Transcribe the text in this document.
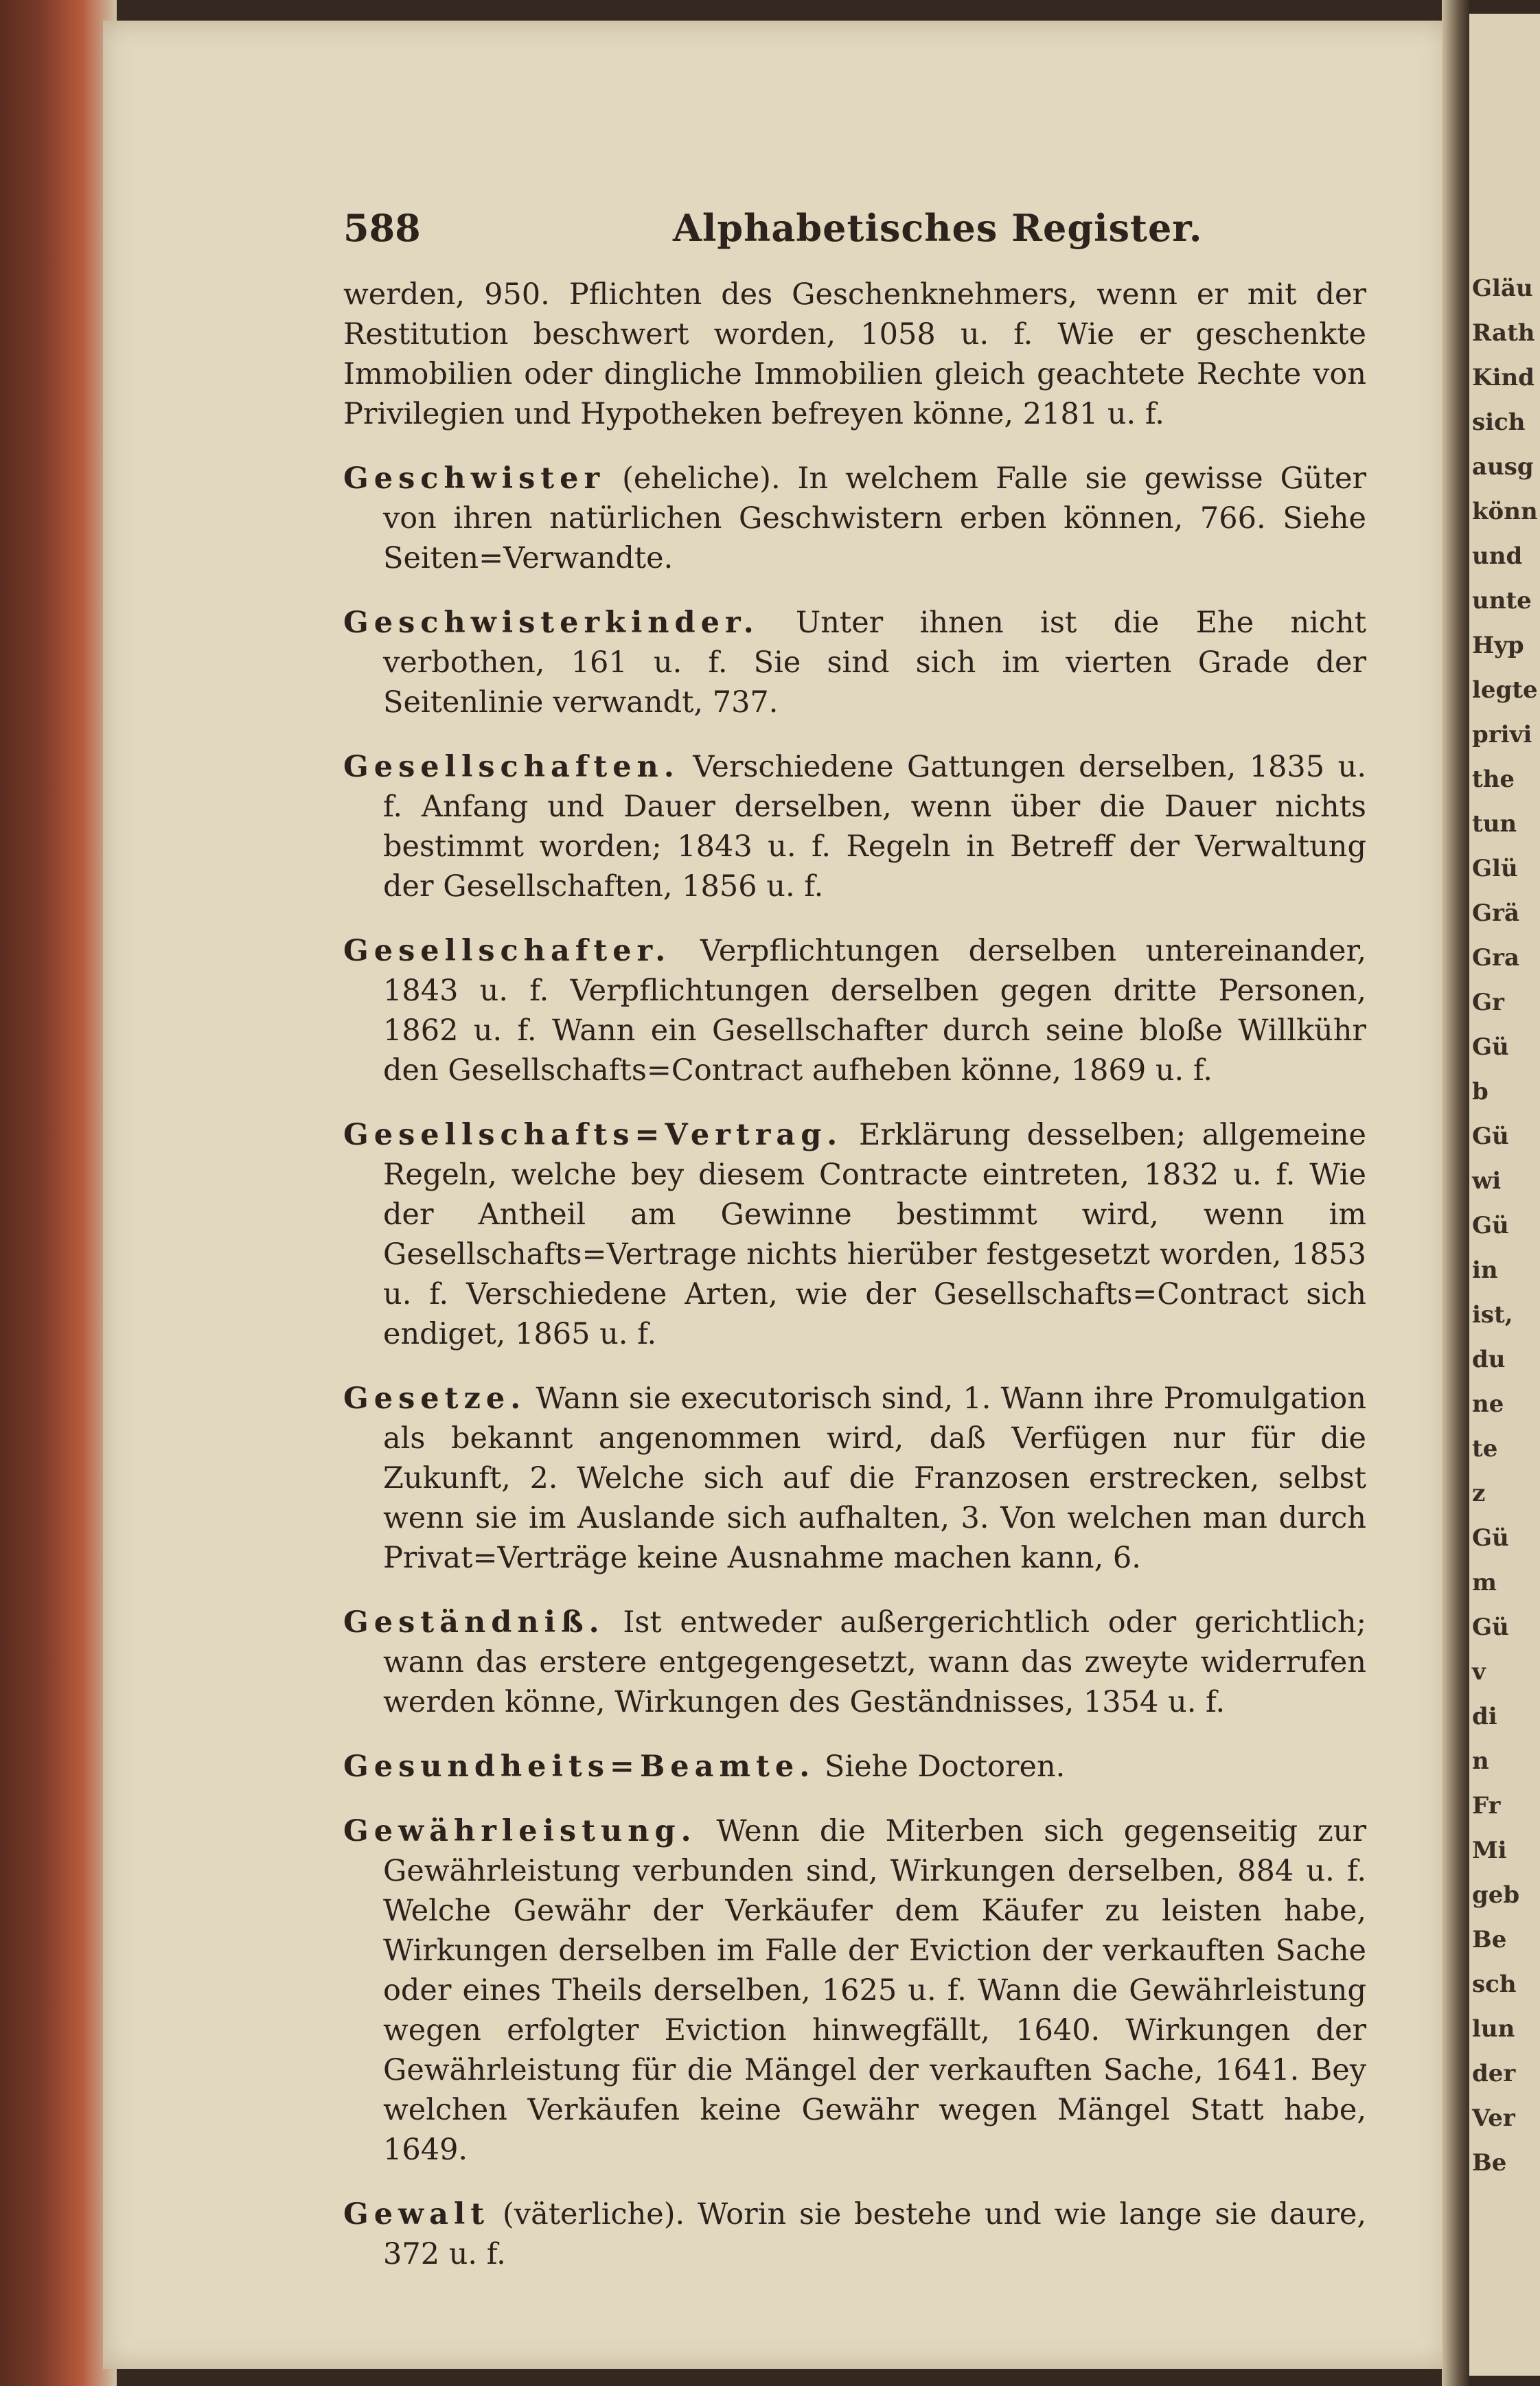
Gläu
Rath
Kind
sich
ausg
könn
und
unte
Hyp
legte
privi
the
tun
Glü
Grä
Gra
Gr
Gü
b
Gü
wi
Gü
in
ist,
du
ne
te
z
Gü
m
Gü
v
di
n
Fr
Mi
geb
Be
sch
lun
der
Ver
Be
588	Alphabetisches Register.

werden, 950. Pflichten des Geschenknehmers, wenn er mit der Restitution beschwert worden, 1058 u. f. Wie er geschenkte Immobilien oder dingliche Immobilien gleich geachtete Rechte von Privilegien und Hypotheken befreyen könne, 2181 u. f.

Geschwister (eheliche). In welchem Falle sie gewisse Güter von ihren natürlichen Geschwistern erben können, 766. Siehe Seiten=Verwandte.

Geschwisterkinder. Unter ihnen ist die Ehe nicht verbothen, 161 u. f. Sie sind sich im vierten Grade der Seitenlinie verwandt, 737.

Gesellschaften. Verschiedene Gattungen derselben, 1835 u. f. Anfang und Dauer derselben, wenn über die Dauer nichts bestimmt worden; 1843 u. f. Regeln in Betreff der Verwaltung der Gesellschaften, 1856 u. f.

Gesellschafter. Verpflichtungen derselben untereinander, 1843 u. f. Verpflichtungen derselben gegen dritte Personen, 1862 u. f. Wann ein Gesellschafter durch seine bloße Willkühr den Gesellschafts=Contract aufheben könne, 1869 u. f.

Gesellschafts=Vertrag. Erklärung desselben; allgemeine Regeln, welche bey diesem Contracte eintreten, 1832 u. f. Wie der Antheil am Gewinne bestimmt wird, wenn im Gesellschafts=Vertrage nichts hierüber festgesetzt worden, 1853 u. f. Verschiedene Arten, wie der Gesellschafts=Contract sich endiget, 1865 u. f.

Gesetze. Wann sie executorisch sind, 1. Wann ihre Promulgation als bekannt angenommen wird, daß Verfügen nur für die Zukunft, 2. Welche sich auf die Franzosen erstrecken, selbst wenn sie im Auslande sich aufhalten, 3. Von welchen man durch Privat=Verträge keine Ausnahme machen kann, 6.

Geständniß. Ist entweder außergerichtlich oder gerichtlich; wann das erstere entgegengesetzt, wann das zweyte widerrufen werden könne, Wirkungen des Geständnisses, 1354 u. f.

Gesundheits=Beamte. Siehe Doctoren.

Gewährleistung. Wenn die Miterben sich gegenseitig zur Gewährleistung verbunden sind, Wirkungen derselben, 884 u. f. Welche Gewähr der Verkäufer dem Käufer zu leisten habe, Wirkungen derselben im Falle der Eviction der verkauften Sache oder eines Theils derselben, 1625 u. f. Wann die Gewährleistung wegen erfolgter Eviction hinwegfällt, 1640. Wirkungen der Gewährleistung für die Mängel der verkauften Sache, 1641. Bey welchen Verkäufen keine Gewähr wegen Mängel Statt habe, 1649.

Gewalt (väterliche). Worin sie bestehe und wie lange sie daure, 372 u. f.
